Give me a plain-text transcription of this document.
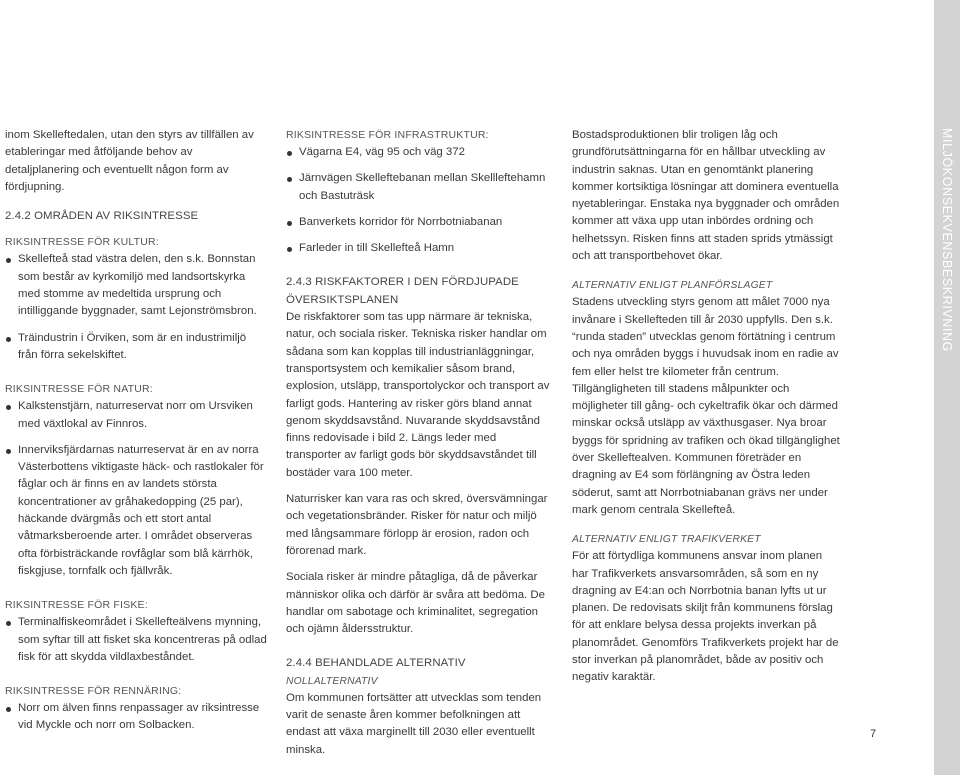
MILJÖKONSEKVENSBESKRIVNING

inom Skelleftedalen, utan den styrs av tillfällen av etableringar med åtföljande behov av detaljplanering och eventuellt någon form av fördjupning.

2.4.2 OMRÅDEN AV RIKSINTRESSE
RIKSINTRESSE FÖR KULTUR:
Skellefteå stad västra delen, den s.k. Bonnstan som består av kyrkomiljö med landsortskyrka med stomme av medeltida ursprung och intilliggande byggnader, samt Lejonströmsbron.
Träindustrin i Örviken, som är en industrimiljö från förra sekelskiftet.
RIKSINTRESSE FÖR NATUR:
Kalkstenstjärn, naturreservat norr om Ursviken med växtlokal av Finnros.
Innerviksfjärdarnas naturreservat är en av norra Västerbottens viktigaste häck- och rastlokaler för fåglar och är finns en av landets största koncentrationer av gråhakedopping (25 par), häckande dvärgmås och ett stort antal våtmarksberoende arter. I området observeras ofta förbisträckande rovfåglar som blå kärrhök, fiskgjuse, tornfalk och fjällvråk.
RIKSINTRESSE FÖR FISKE:
Terminalfiskeområdet i Skellefteälvens mynning, som syftar till att fisket ska koncentreras på odlad fisk för att skydda vildlaxbeståndet.
RIKSINTRESSE FÖR RENNÄRING:
Norr om älven finns renpassager av riksintresse vid Myckle och norr om Solbacken.
RIKSINTRESSE FÖR INFRASTRUKTUR:
Vägarna E4, väg 95 och väg 372
Järnvägen Skelleftebanan mellan Skellleftehamn och Bastuträsk
Banverkets korridor för Norrbotniabanan
Farleder in till Skellefteå Hamn
2.4.3 RISKFAKTORER I DEN FÖRDJUPADE ÖVERSIKTSPLANEN

De riskfaktorer som tas upp närmare är tekniska, natur, och sociala risker. Tekniska risker handlar om sådana som kan kopplas till industrianläggningar, transportsystem och kemikalier såsom brand, explosion, utsläpp, transportolyckor och transport av farligt gods. Hantering av risker görs bland annat genom skyddsavstånd. Nuvarande skyddsavstånd finns redovisade i bild 2. Längs leder med transporter av farligt gods bör skyddsavståndet till bostäder vara 100 meter.

Naturrisker kan vara ras och skred, översvämningar och vegetationsbränder. Risker för natur och miljö med långsammare förlopp är erosion, radon och förorenad mark.

Sociala risker är mindre påtagliga, då de påverkar människor olika och därför är svåra att bedöma. De handlar om sabotage och kriminalitet, segregation och ojämn åldersstruktur.

2.4.4 BEHANDLADE ALTERNATIV
NOLLALTERNATIV

Om kommunen fortsätter att utvecklas som tenden varit de senaste åren kommer befolkningen att endast att växa marginellt till 2030 eller eventuellt minska.

Bostadsproduktionen blir troligen låg och grundförutsättningarna för en hållbar utveckling av industrin saknas. Utan en genomtänkt planering kommer kortsiktiga lösningar att dominera eventuella nyetableringar. Enstaka nya byggnader och områden kommer att växa upp utan inbördes ordning och helhetssyn. Risken finns att staden sprids ytmässigt och att transportbehovet ökar.

ALTERNATIV ENLIGT PLANFÖRSLAGET

Stadens utveckling styrs genom att målet 7000 nya invånare i Skellefteden till år 2030 uppfylls. Den s.k. “runda staden” utvecklas genom förtätning i centrum och nya områden byggs i huvudsak inom en radie av fem eller helst tre kilometer från centrum. Tillgängligheten till stadens målpunkter och möjligheter till gång- och cykeltrafik ökar och därmed minskar också utsläpp av växthusgaser. Nya broar byggs för spridning av trafiken och ökad tillgänglighet över Skelleftealven. Kommunen företräder en dragning av E4 som förlängning av Östra leden söderut, samt att Norrbotniabanan grävs ner under mark genom centrala Skellefteå.

ALTERNATIV ENLIGT TRAFIKVERKET

För att förtydliga kommunens ansvar inom planen har Trafikverkets ansvarsområden, så som en ny dragning av E4:an och Norrbotnia banan lyfts ut ur planen. De redovisats skiljt från kommunens förslag för att enklare belysa dessa projekts inverkan på planområdet. Genomförs Trafikverkets projekt har de stor inverkan på planområdet, både av positiv och negativ karaktär.

7
